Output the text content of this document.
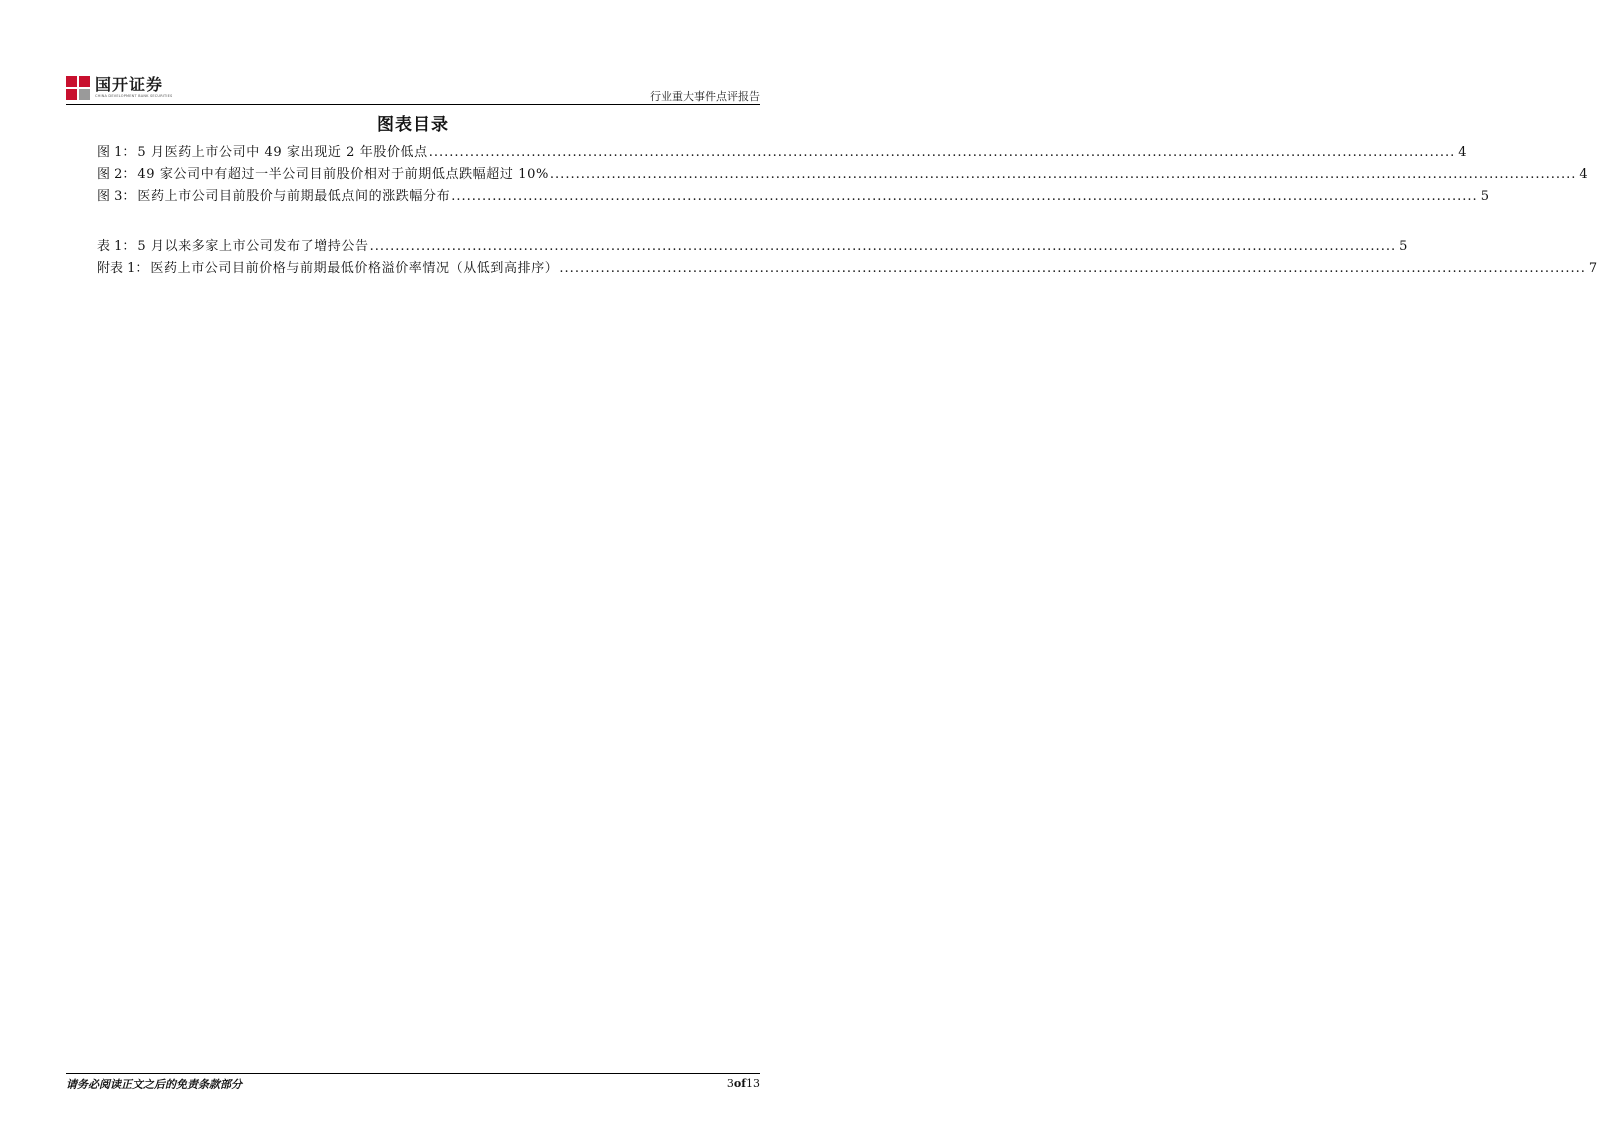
国开证券
CHINA DEVELOPMENT BANK SECURITIES	行业重大事件点评报告
图表目录
图 1： 5 月医药上市公司中 49 家出现近 2 年股价低点 ........................................................................................................................................................................................................ 4
图 2： 49 家公司中有超过一半公司目前股价相对于前期低点跌幅超过 10% ........................................................................................................................................................................................................ 4
图 3： 医药上市公司目前股价与前期最低点间的涨跌幅分布 ........................................................................................................................................................................................................ 5
表 1： 5 月以来多家上市公司发布了增持公告 ........................................................................................................................................................................................................ 5
附表 1： 医药上市公司目前价格与前期最低价格溢价率情况（从低到高排序） ........................................................................................................................................................................................................ 7
请务必阅读正文之后的免责条款部分	3of13
